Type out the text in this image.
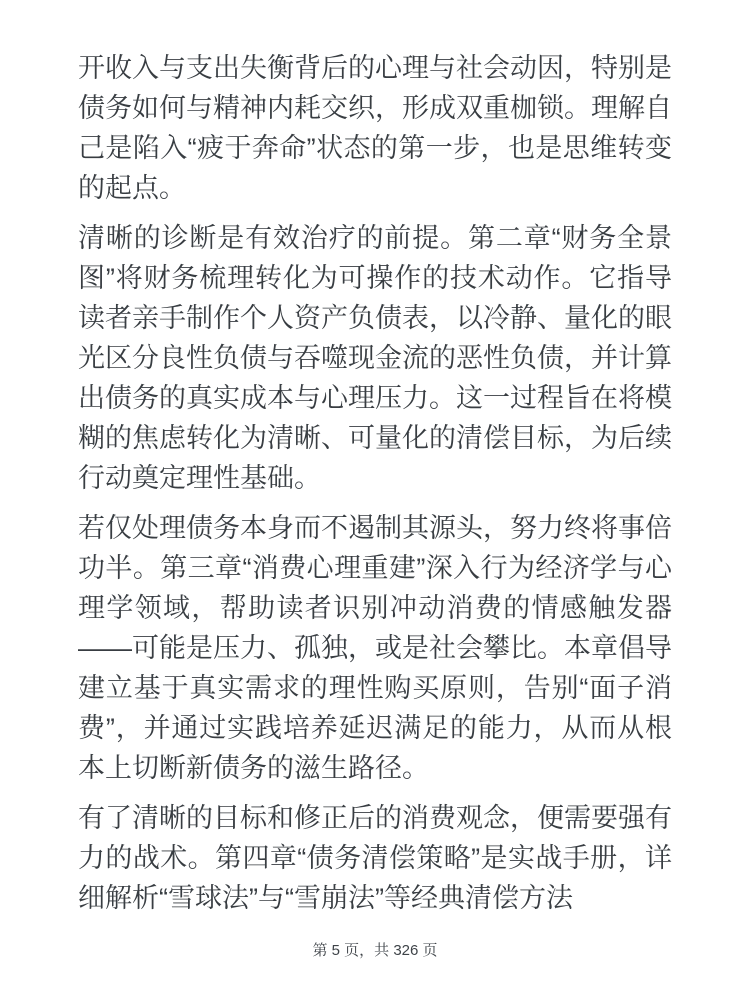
开收入与支出失衡背后的心理与社会动因，特别是债务如何与精神内耗交织，形成双重枷锁。理解自己是陷入“疲于奔命”状态的第一步，也是思维转变的起点。

清晰的诊断是有效治疗的前提。第二章“财务全景图”将财务梳理转化为可操作的技术动作。它指导读者亲手制作个人资产负债表，以冷静、量化的眼光区分良性负债与吞噬现金流的恶性负债，并计算出债务的真实成本与心理压力。这一过程旨在将模糊的焦虑转化为清晰、可量化的清偿目标，为后续行动奠定理性基础。

若仅处理债务本身而不遏制其源头，努力终将事倍功半。第三章“消费心理重建”深入行为经济学与心理学领域，帮助读者识别冲动消费的情感触发器——可能是压力、孤独，或是社会攀比。本章倡导建立基于真实需求的理性购买原则，告别“面子消费”，并通过实践培养延迟满足的能力，从而从根本上切断新债务的滋生路径。

有了清晰的目标和修正后的消费观念，便需要强有力的战术。第四章“债务清偿策略”是实战手册，详细解析“雪球法”与“雪崩法”等经典清偿方法

第 5 页，共 326 页
